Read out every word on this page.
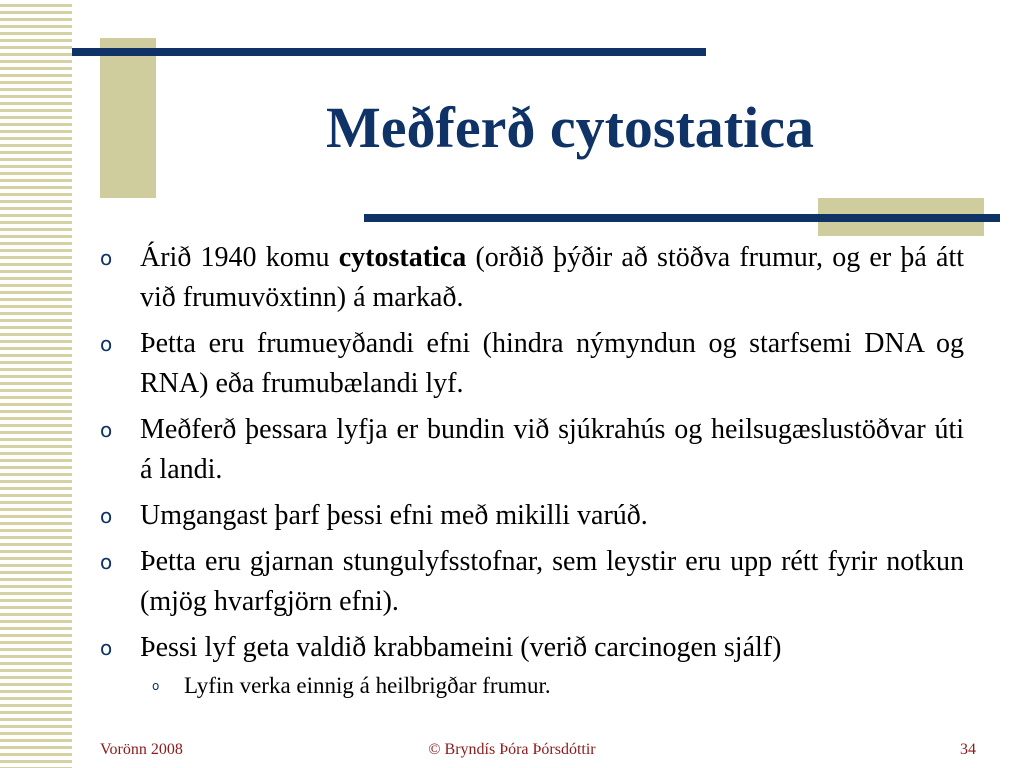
Meðferð cytostatica
o Árið 1940 komu cytostatica (orðið þýðir að stöðva frumur, og er þá átt við frumuvöxtinn) á markað.
o Þetta eru frumueyðandi efni (hindra nýmyndun og starfsemi DNA og RNA) eða frumubælandi lyf.
o Meðferð þessara lyfja er bundin við sjúkrahús og heilsugæslustöðvar úti á landi.
o Umgangast þarf þessi efni með mikilli varúð.
o Þetta eru gjarnan stungulyfsstofnar, sem leystir eru upp rétt fyrir notkun (mjög hvarfgjörn efni).
o Þessi lyf geta valdið krabbameini (verið carcinogen sjálf)
o Lyfin verka einnig á heilbrigðar frumur.
Vorönn 2008	© Bryndís Þóra Þórsdóttir	34
